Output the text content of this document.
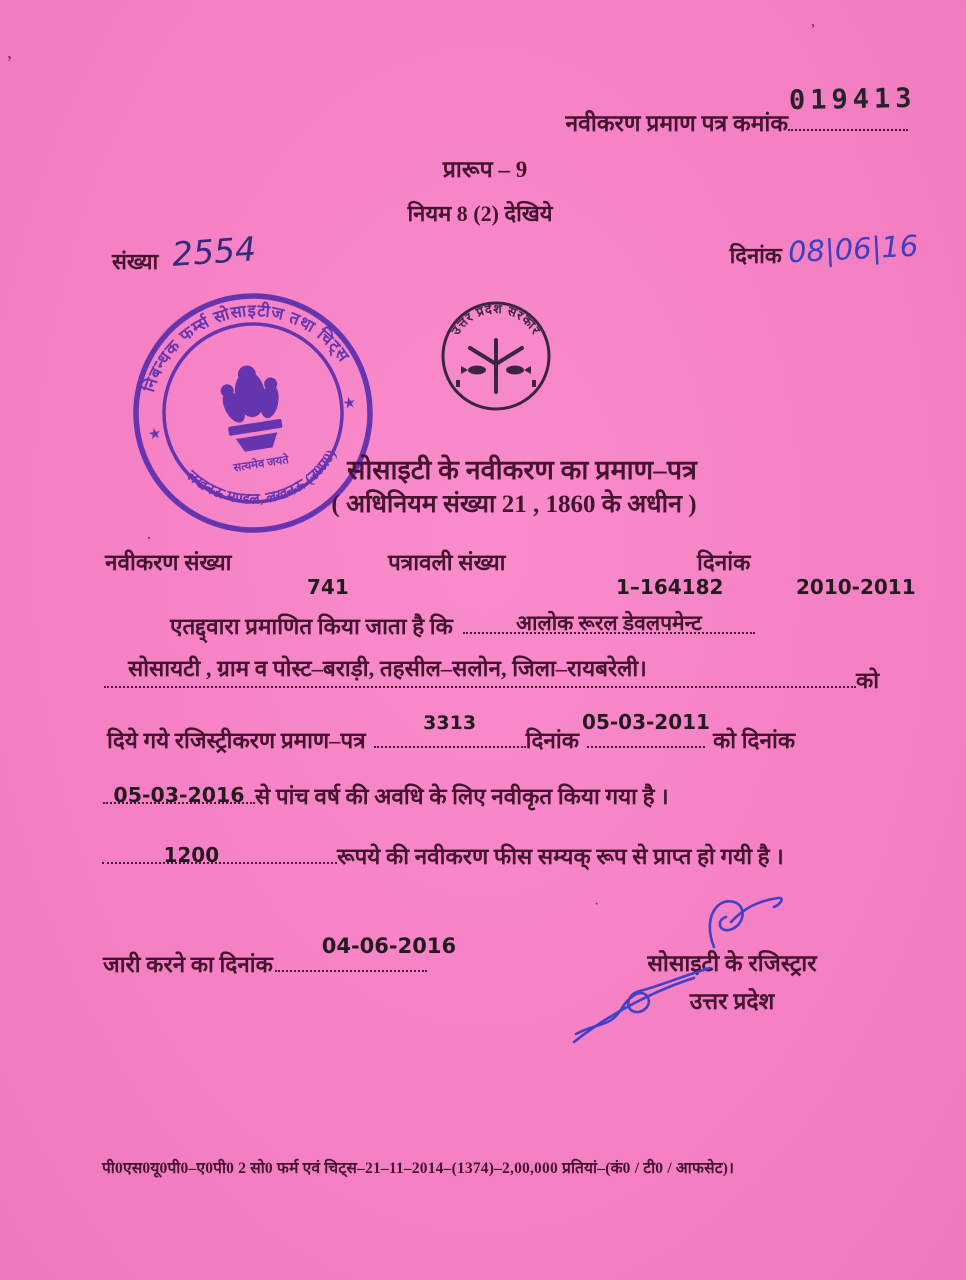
’
’
·
·
019413
नवीकरण प्रमाण पत्र कमांक
प्रारूप – 9
नियम 8 (2) देखिये
संख्या 2554	दिनांक 08|06|16
निबन्धक फर्म्स सोसाइटीज तथा चिट्स
लखनऊ मण्डल, लखनऊ (उ0प्र0)
★
★
सत्यमेव जयते
उत्तर प्रदेश सरकार
सोसाइटी के नवीकरण का प्रमाण–पत्र
( अधिनियम संख्या 21 , 1860 के अधीन )
नवीकरण संख्या	पत्रावली संख्या	दिनांक
741	1–164182	2010-2011
एतद्द्वारा प्रमाणित किया जाता है कि	आलोक रूरल डेवलपमेन्ट
सोसायटी , ग्राम व पोस्ट–बराड़ी, तहसील–सलोन, जिला–रायबरेली।	को
दिये गये रजिस्ट्रीकरण प्रमाण–पत्र
3313
दिनांक
05-03-2011
को दिनांक
05-03-2016 से पांच वर्ष की अवधि के लिए नवीकृत किया गया है ।
1200	रूपये की नवीकरण फीस सम्यक् रूप से प्राप्त हो गयी है ।
जारी करने का दिनांक
04-06-2016
सोसाइटी के रजिस्ट्रार
उत्तर प्रदेश
पी0एस0यू0पी0–ए0पी0 2 सो0 फर्म एवं चिट्स–21–11–2014–(1374)–2,00,000 प्रतियां–(कं0 / टी0 / आफसेट)।
